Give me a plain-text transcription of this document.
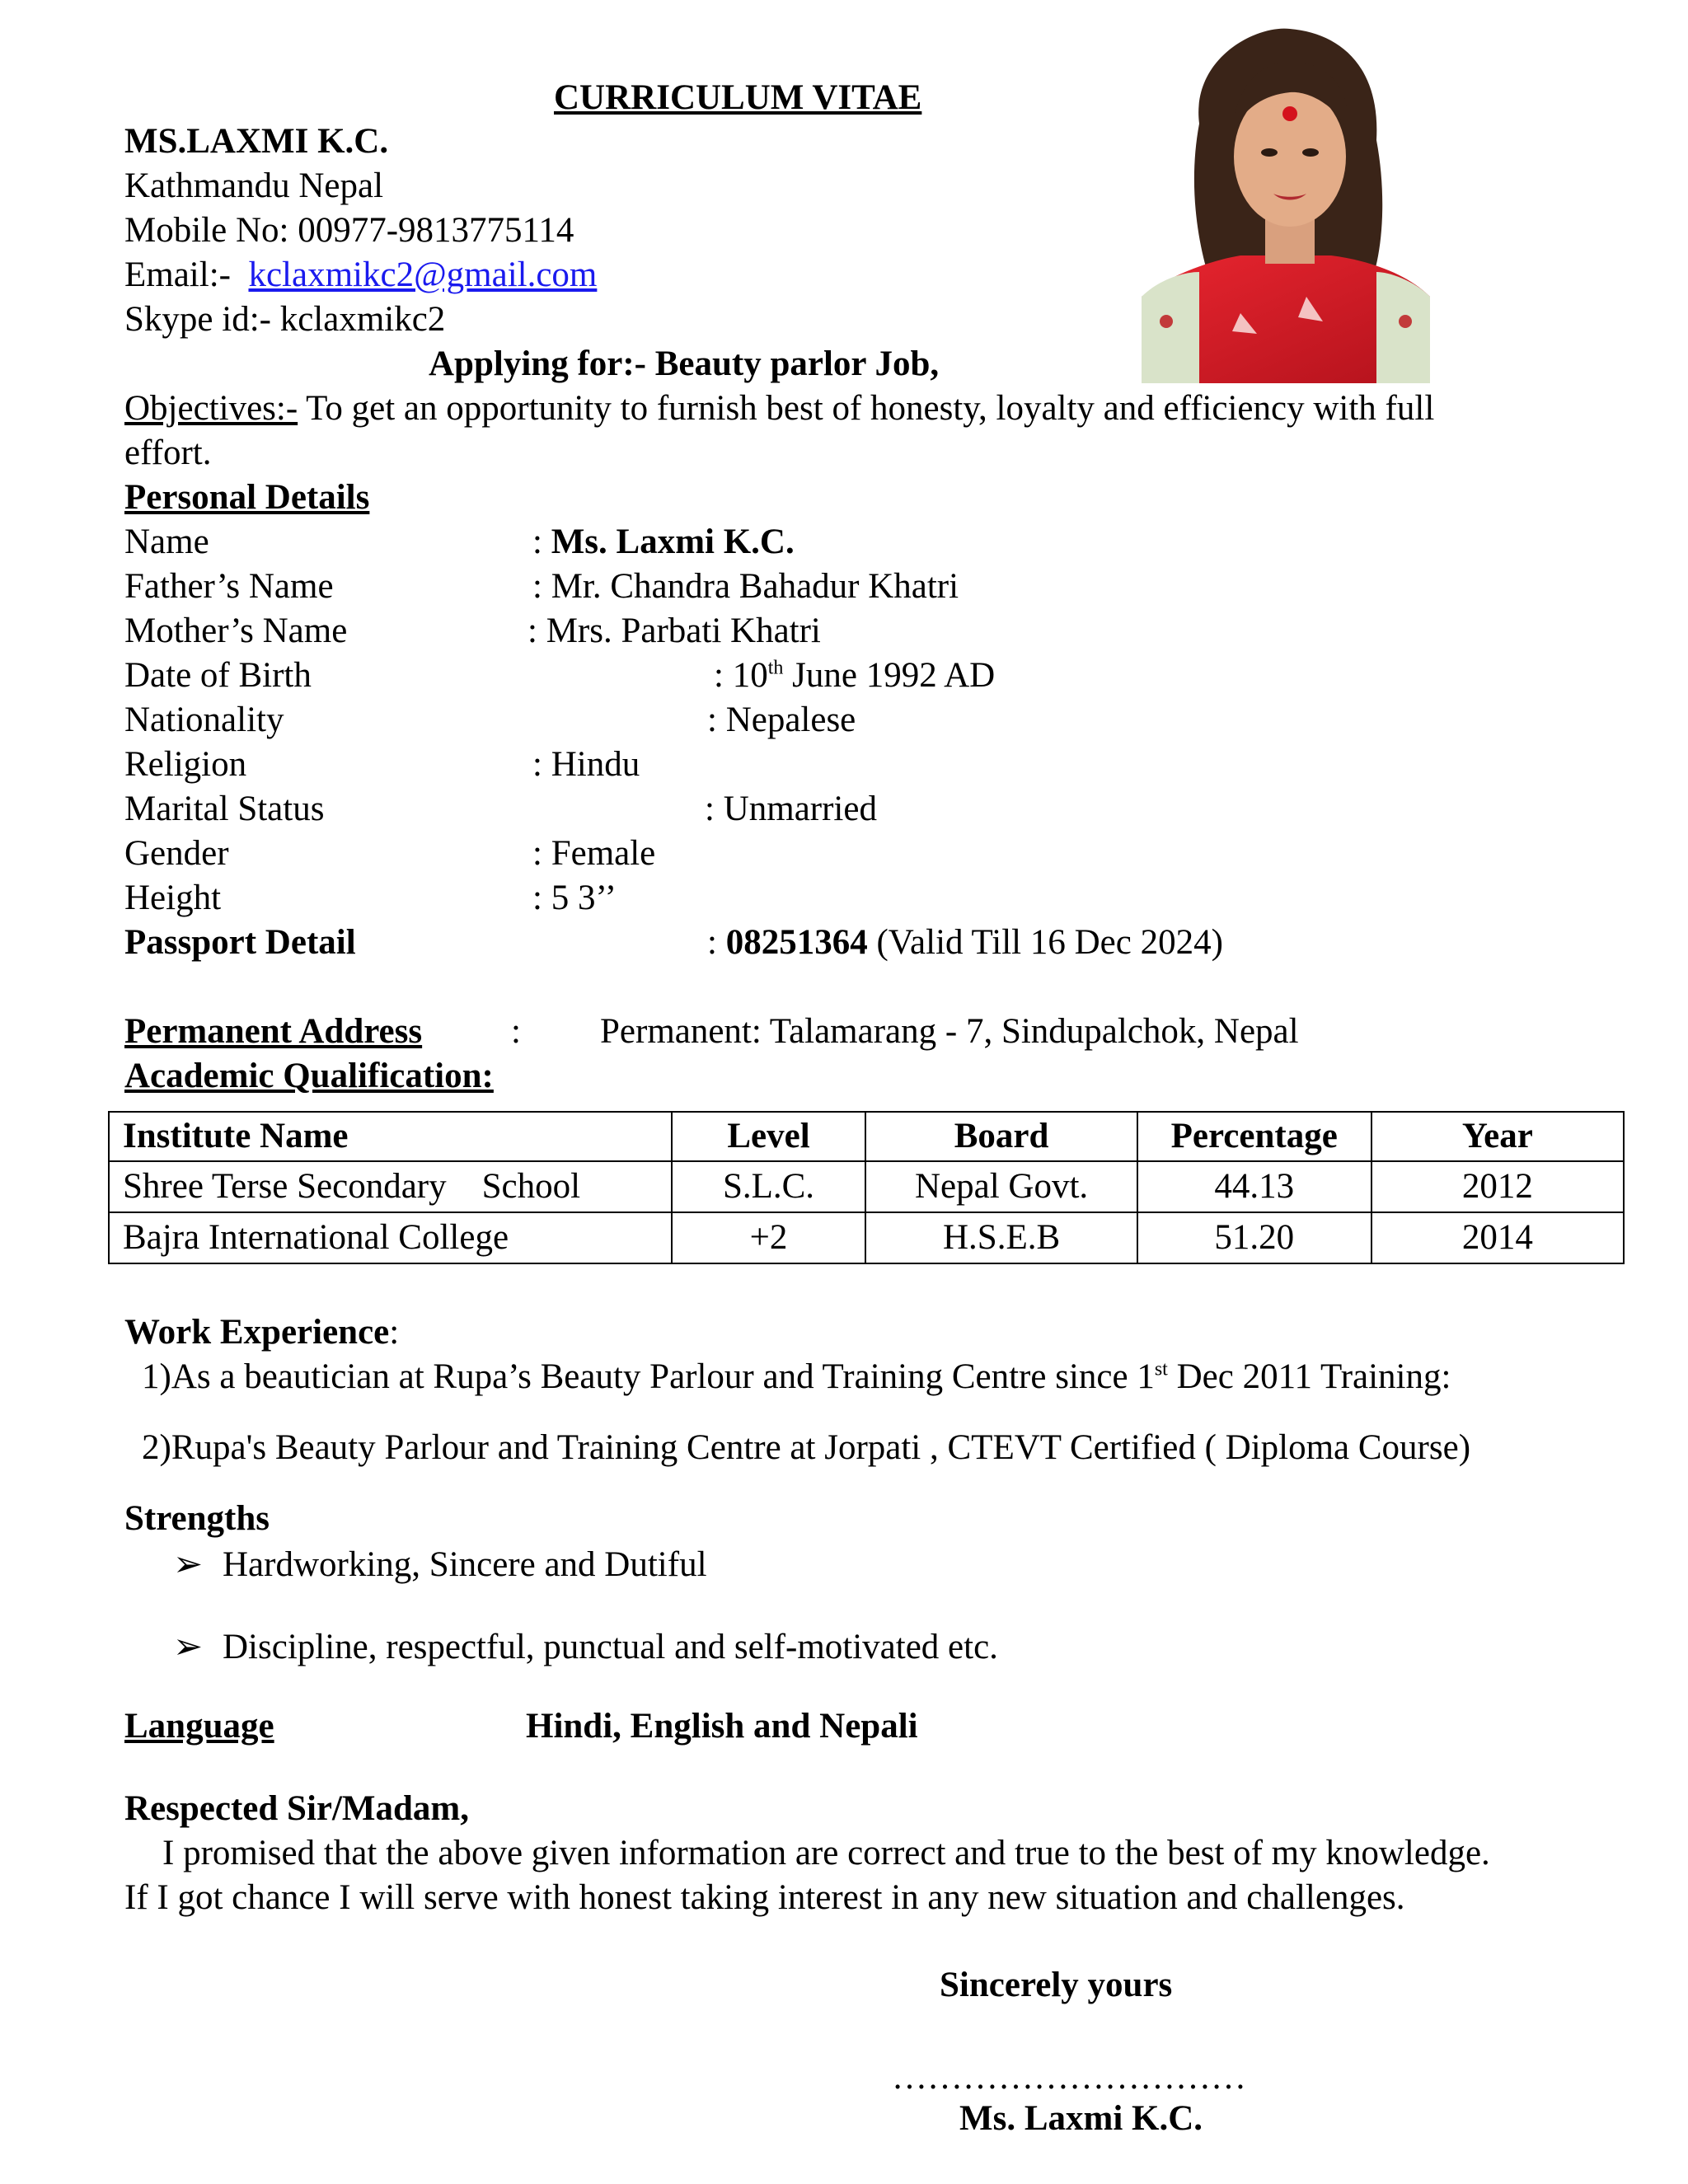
CURRICULUM VITAE
MS.LAXMI K.C.
Kathmandu Nepal
Mobile No: 00977-9813775114
Email:- kclaxmikc2@gmail.com
Skype id:- kclaxmikc2
Applying for:- Beauty parlor Job,
Objectives:- To get an opportunity to furnish best of honesty, loyalty and efficiency with full
effort.
Personal Details
Name	: Ms. Laxmi K.C.
Father’s Name	: Mr. Chandra Bahadur Khatri
Mother’s Name	: Mrs. Parbati Khatri
Date of Birth	: 10th June 1992 AD
Nationality	: Nepalese
Religion	: Hindu
Marital Status	: Unmarried
Gender	: Female
Height	: 5 3’’
Passport Detail	: 08251364 (Valid Till 16 Dec 2024)
Permanent Address	: Permanent: Talamarang - 7, Sindupalchok, Nepal
Academic Qualification:
Institute Name	Level	Board	Percentage	Year
Shree Terse Secondary    School	S.L.C.	Nepal Govt.	44.13	2012
Bajra International College	+2	H.S.E.B	51.20	2014
Work Experience:
1)As a beautician at Rupa’s Beauty Parlour and Training Centre since 1st Dec 2011 Training:
2)Rupa's Beauty Parlour and Training Centre at Jorpati , CTEVT Certified ( Diploma Course)
Strengths
➢ Hardworking, Sincere and Dutiful
➢ Discipline, respectful, punctual and self-motivated etc.
Language	Hindi, English and Nepali
Respected Sir/Madam,
I promised that the above given information are correct and true to the best of my knowledge.
If I got chance I will serve with honest taking interest in any new situation and challenges.
Sincerely yours
…………………………
Ms. Laxmi K.C.
